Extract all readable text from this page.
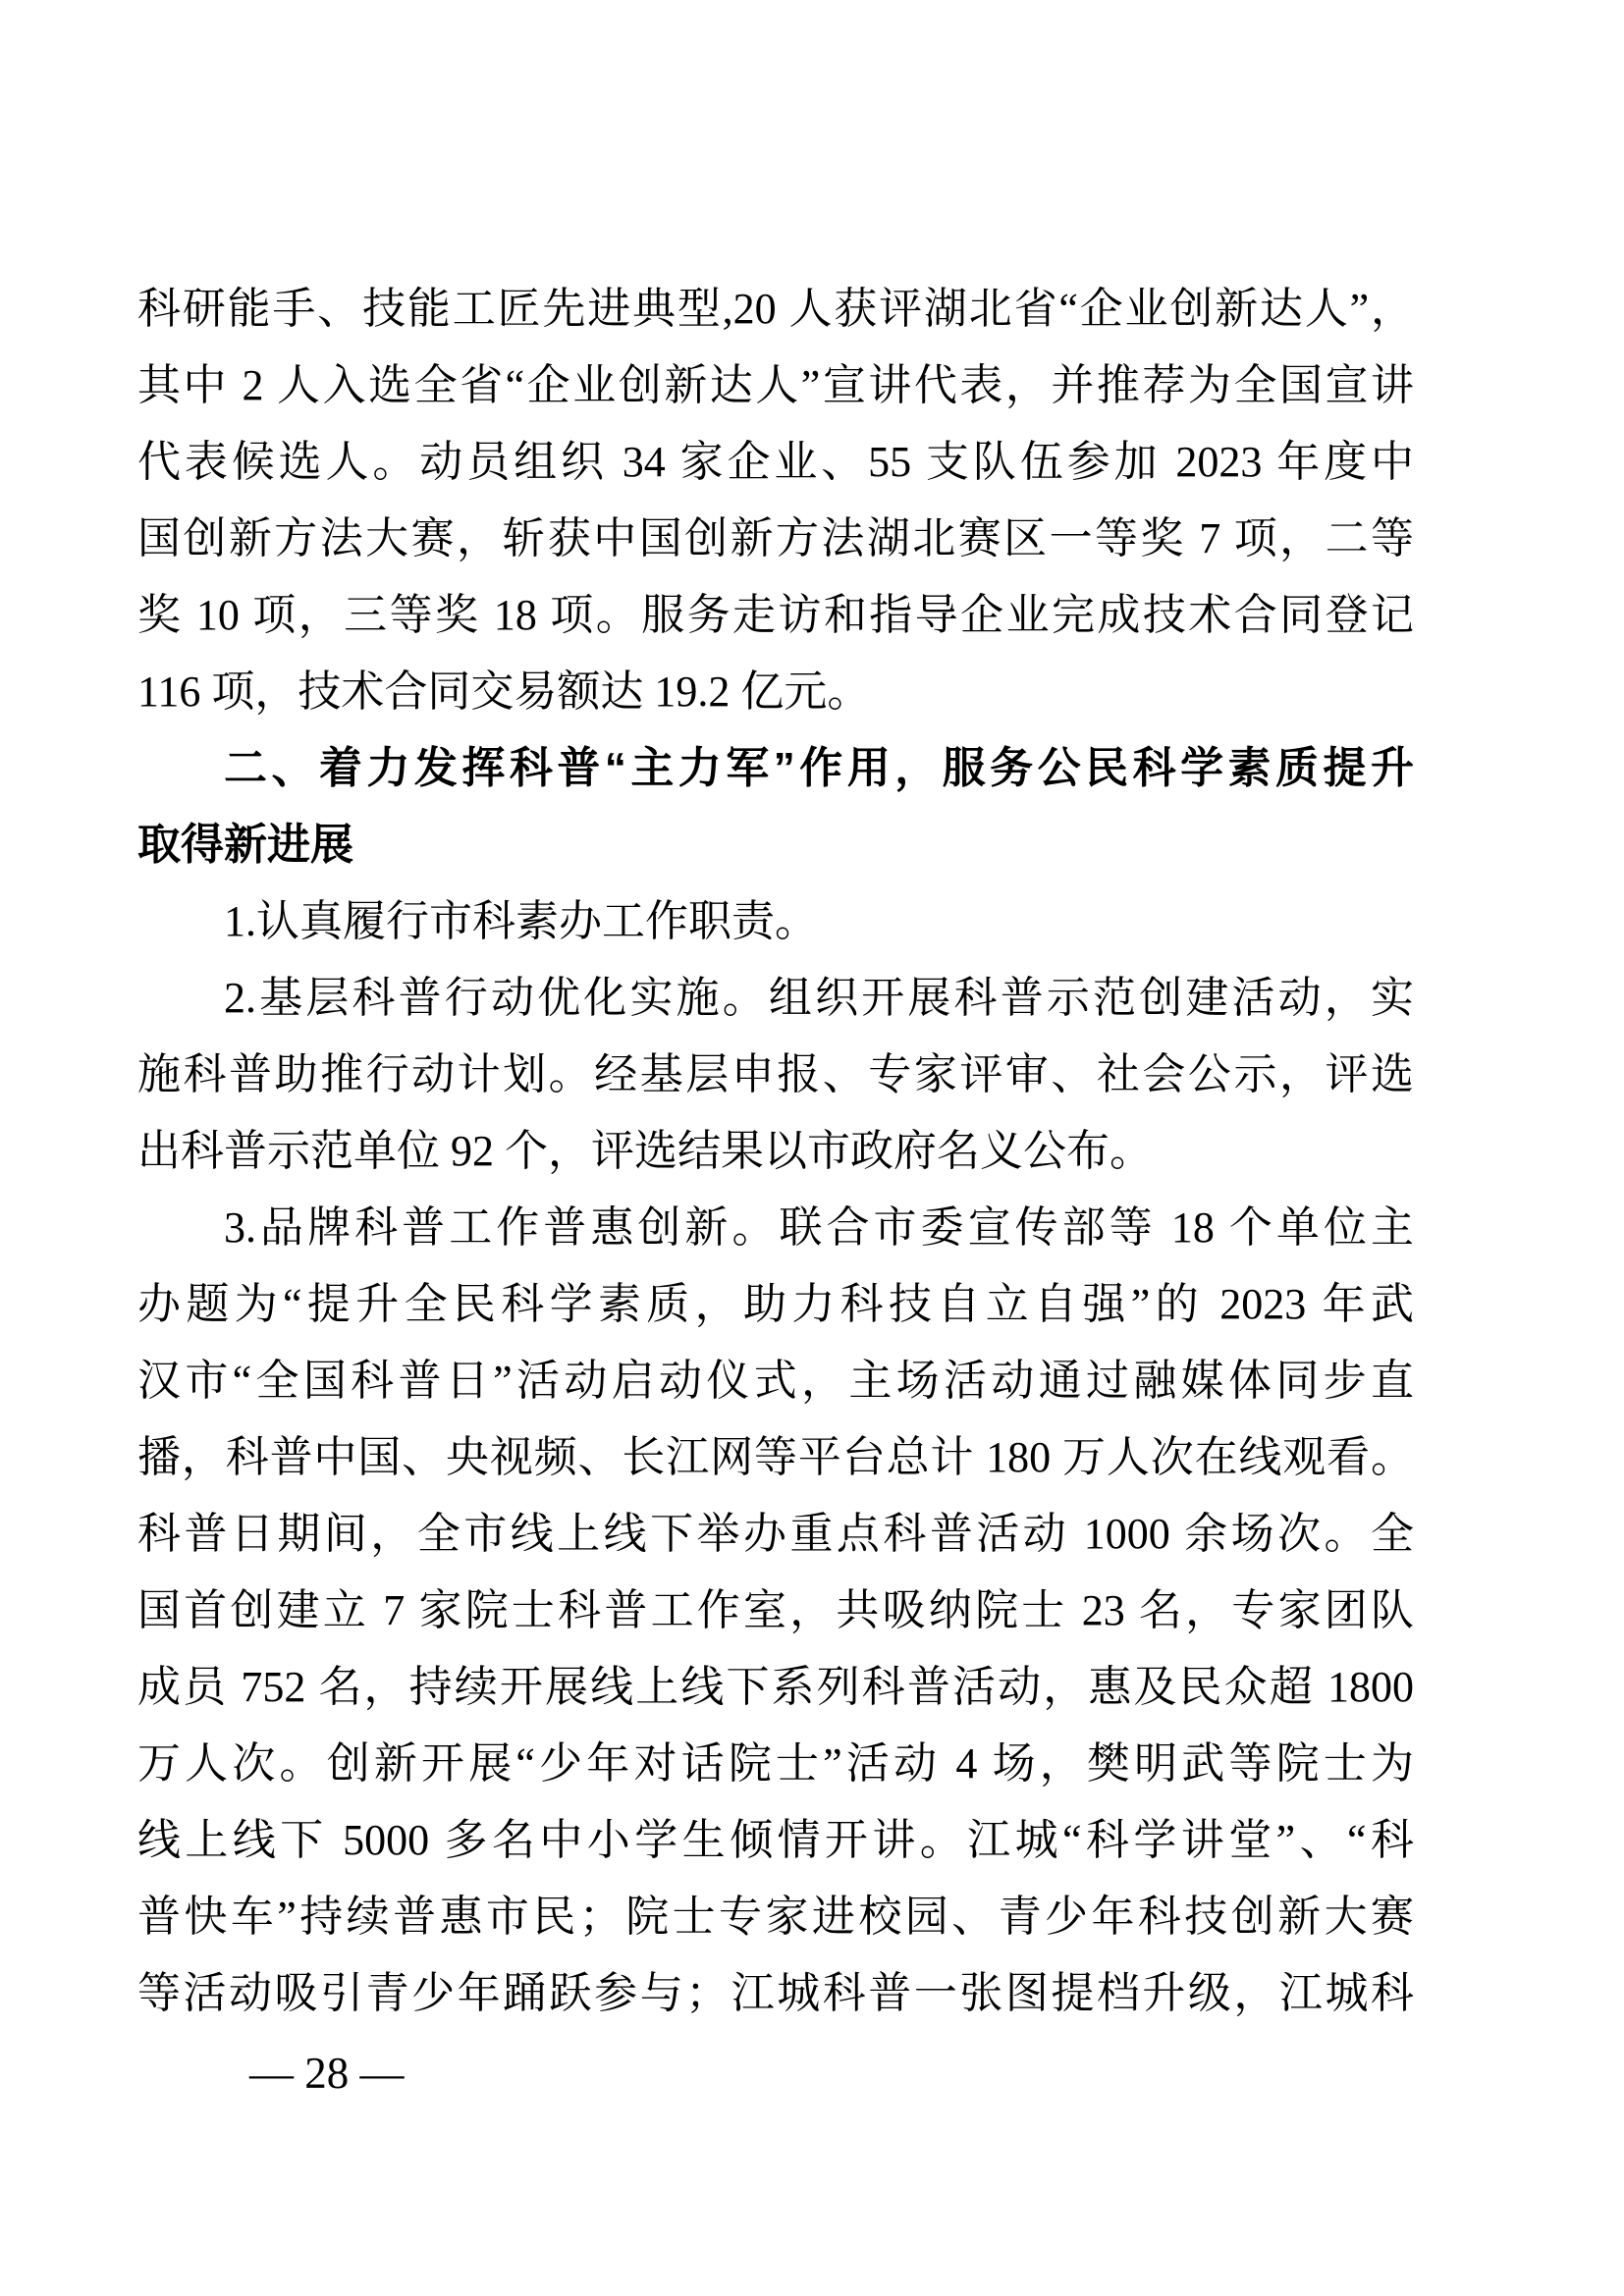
科研能手、技能工匠先进典型,20 人获评湖北省“企业创新达人”，
其中 2 人入选全省“企业创新达人”宣讲代表，并推荐为全国宣讲
代表候选人。动员组织 34 家企业、55 支队伍参加 2023 年度中
国创新方法大赛，斩获中国创新方法湖北赛区一等奖 7 项，二等
奖 10 项，三等奖 18 项。服务走访和指导企业完成技术合同登记
116 项，技术合同交易额达 19.2 亿元。
二、着力发挥科普“主力军”作用，服务公民科学素质提升
取得新进展
1.认真履行市科素办工作职责。
2.基层科普行动优化实施。组织开展科普示范创建活动，实
施科普助推行动计划。经基层申报、专家评审、社会公示，评选
出科普示范单位 92 个，评选结果以市政府名义公布。
3.品牌科普工作普惠创新。联合市委宣传部等 18 个单位主
办题为“提升全民科学素质，助力科技自立自强”的 2023 年武
汉市“全国科普日”活动启动仪式，主场活动通过融媒体同步直
播，科普中国、央视频、长江网等平台总计 180 万人次在线观看。
科普日期间，全市线上线下举办重点科普活动 1000 余场次。全
国首创建立 7 家院士科普工作室，共吸纳院士 23 名，专家团队
成员 752 名，持续开展线上线下系列科普活动，惠及民众超 1800
万人次。创新开展“少年对话院士”活动 4 场，樊明武等院士为
线上线下 5000 多名中小学生倾情开讲。江城“科学讲堂”、“科
普快车”持续普惠市民；院士专家进校园、青少年科技创新大赛
等活动吸引青少年踊跃参与；江城科普一张图提档升级，江城科
— 28 —
